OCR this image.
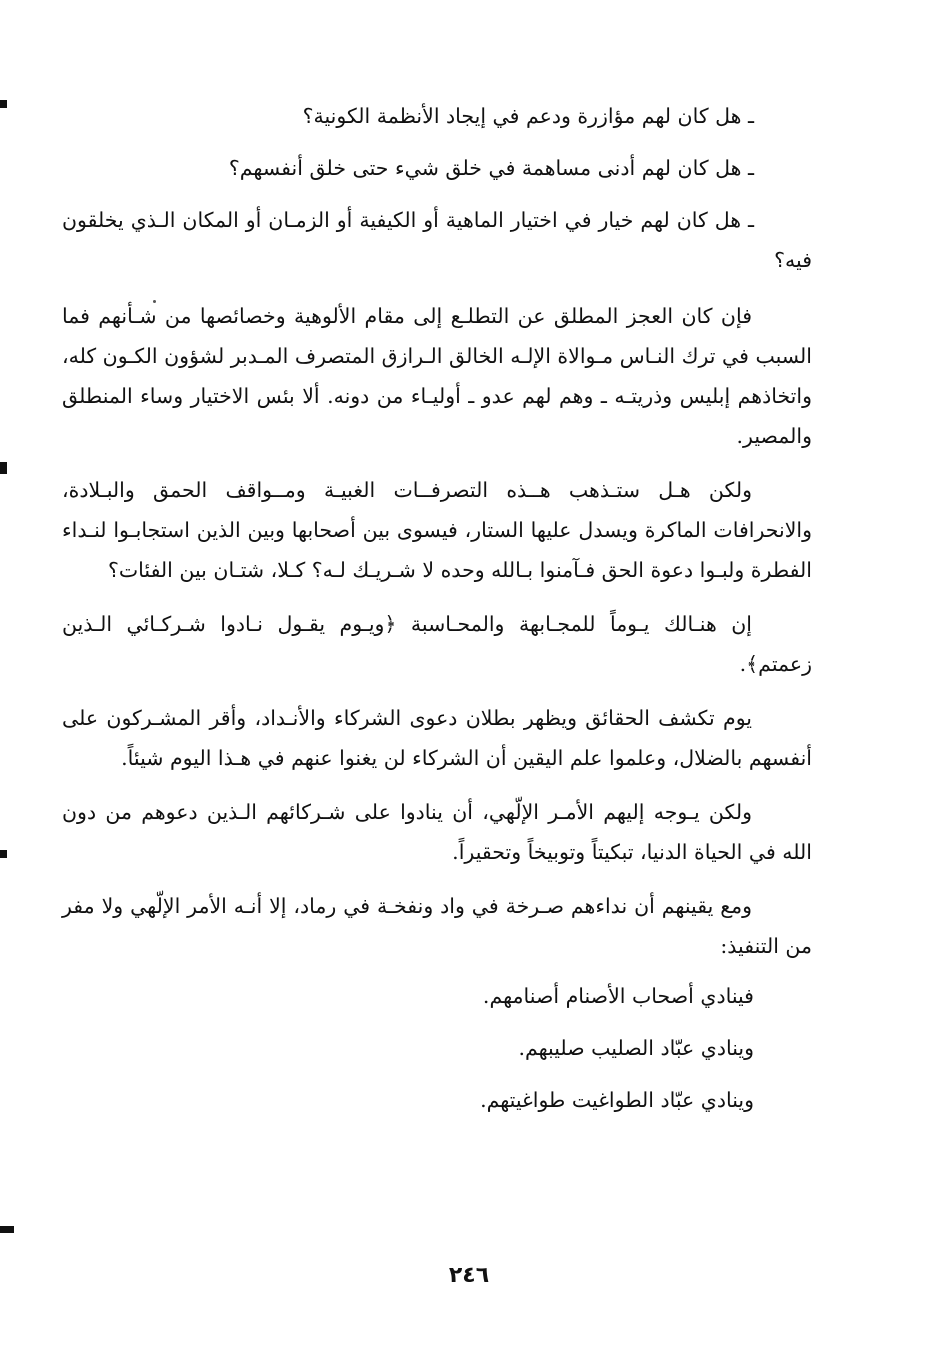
ـ هل كان لهم مؤازرة ودعم في إيجاد الأنظمة الكونية؟

ـ هل كان لهم أدنى مساهمة في خلق شيء حتى خلق أنفسهم؟

ـ هل كان لهم خيار في اختيار الماهية أو الكيفية أو الزمـان أو المكان الـذي يخلقون فيه؟

فإن كان العجز المطلق عن التطلـع إلى مقام الألوهية وخصائصها من شـأنهم فما السبب في ترك النـاس مـوالاة الإلـه الخالق الـرازق المتصرف المـدبر لشؤون الكـون كله، واتخاذهم إبليس وذريتـه ـ وهم لهم عدو ـ أوليـاء من دونه. ألا بئس الاختيار وساء المنطلق والمصير.

ولكن هـل ستـذهب هــذه التصرفــات الغبيـة ومــواقف الحمق والبـلادة، والانحرافات الماكرة ويسدل عليها الستار، فيسوى بين أصحابها وبين الذين استجابـوا لنـداء الفطرة ولبـوا دعوة الحق فـآمنوا بـالله وحده لا شـريـك لـه؟ كـلا، شتـان بين الفئات؟

إن هنـالك يـوماً للمجـابهة والمحـاسبة ﴿ويـوم يقـول نـادوا شـركـائي الـذين زعمتم﴾.

يوم تكشف الحقائق ويظهر بطلان دعوى الشركاء والأنـداد، وأقر المشـركون على أنفسهم بالضلال، وعلموا علم اليقين أن الشركاء لن يغنوا عنهم في هـذا اليوم شيئاً.

ولكن يـوجه إليهم الأمـر الإلّهي، أن ينادوا على شـركائهم الـذين دعوهم من دون الله في الحياة الدنيا، تبكيتاً وتوبيخاً وتحقيراً.

ومع يقينهم أن نداءهم صـرخة في واد ونفخـة في رماد، إلا أنـه الأمر الإلّهي ولا مفر من التنفيذ:

فينادي أصحاب الأصنام أصنامهم.

وينادي عبّاد الصليب صليبهم.

وينادي عبّاد الطواغيت طواغيتهم.

٢٤٦
